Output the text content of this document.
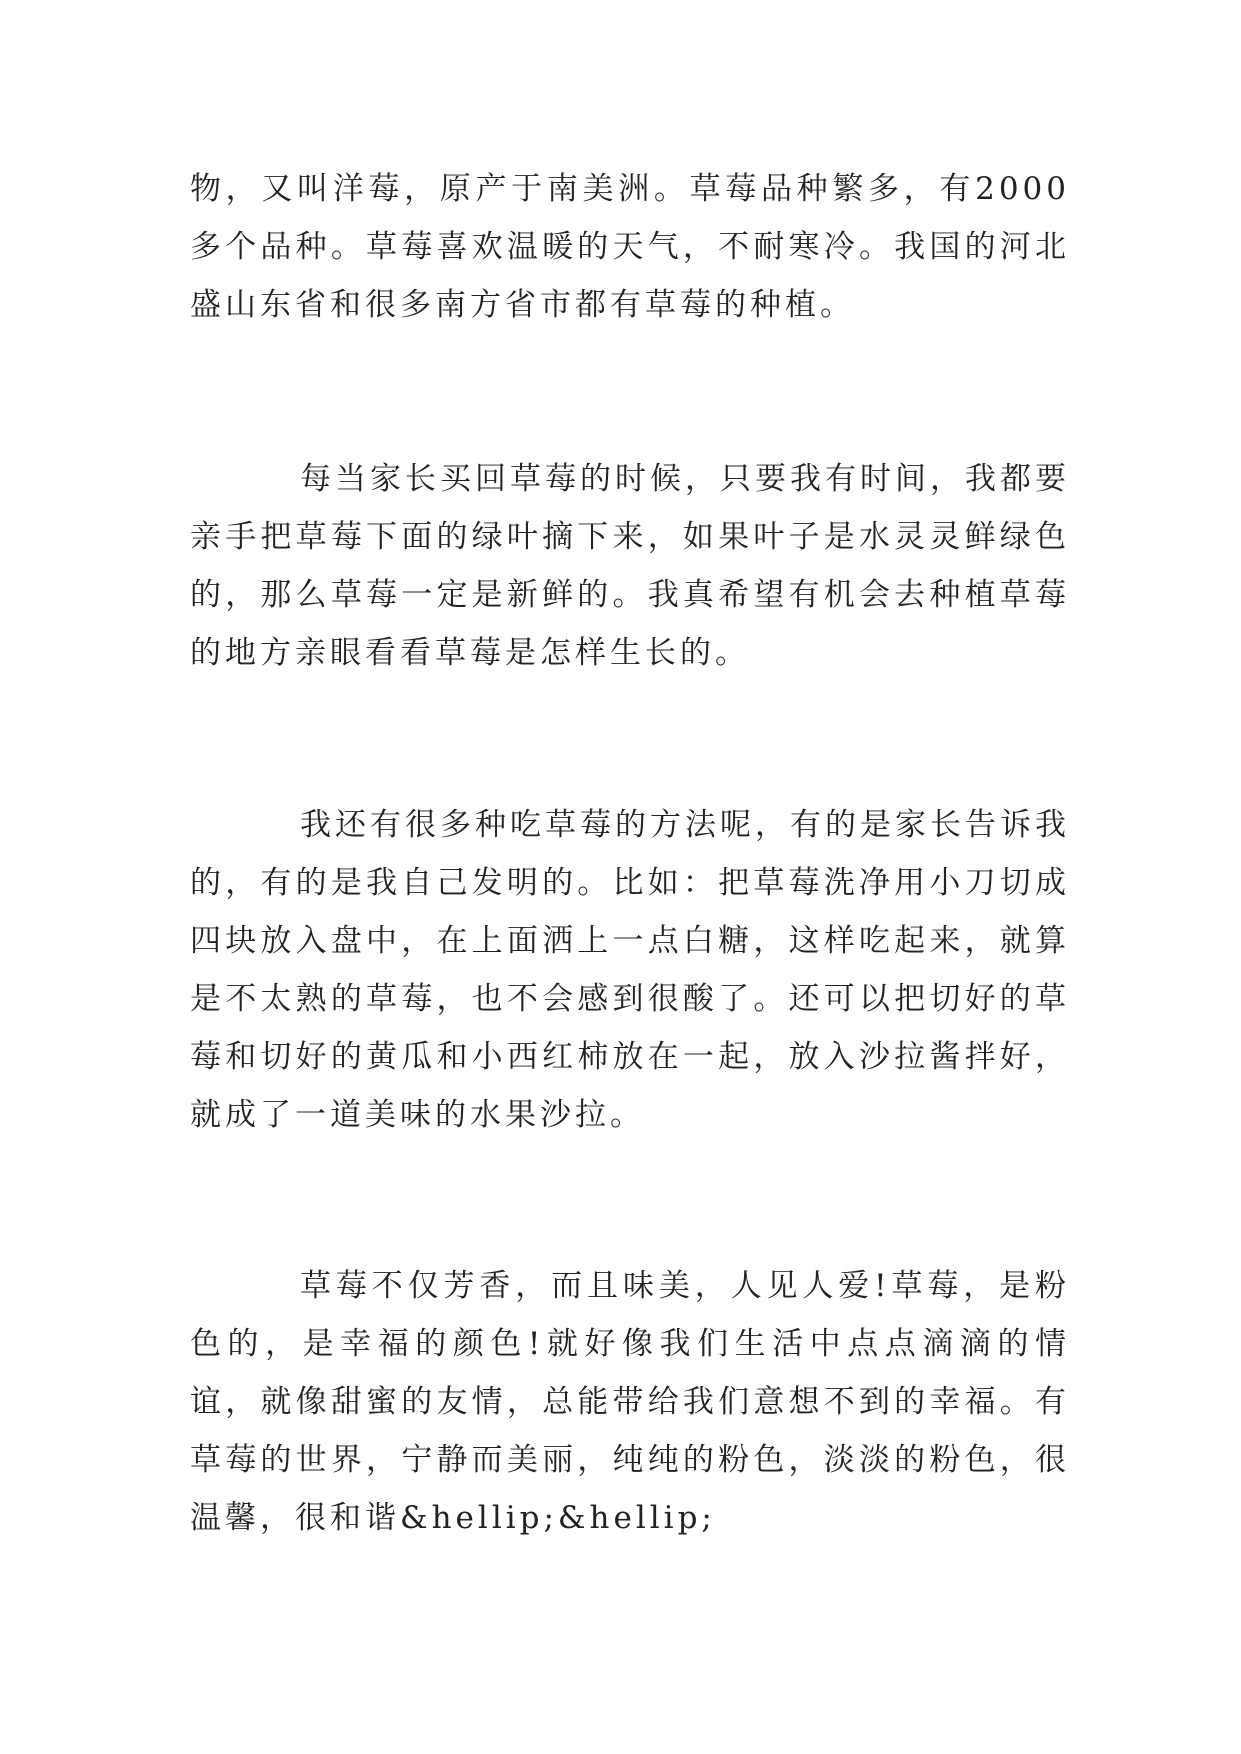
物，又叫洋莓，原产于南美洲。草莓品种繁多，有2000多个品种。草莓喜欢温暖的天气，不耐寒冷。我国的河北盛山东省和很多南方省市都有草莓的种植。

每当家长买回草莓的时候，只要我有时间，我都要亲手把草莓下面的绿叶摘下来，如果叶子是水灵灵鲜绿色的，那么草莓一定是新鲜的。我真希望有机会去种植草莓的地方亲眼看看草莓是怎样生长的。

我还有很多种吃草莓的方法呢，有的是家长告诉我的，有的是我自己发明的。比如：把草莓洗净用小刀切成四块放入盘中，在上面洒上一点白糖，这样吃起来，就算是不太熟的草莓，也不会感到很酸了。还可以把切好的草莓和切好的黄瓜和小西红柿放在一起，放入沙拉酱拌好，就成了一道美味的水果沙拉。

草莓不仅芳香，而且味美，人见人爱!草莓，是粉色的，是幸福的颜色!就好像我们生活中点点滴滴的情谊，就像甜蜜的友情，总能带给我们意想不到的幸福。有草莓的世界，宁静而美丽，纯纯的粉色，淡淡的粉色，很温馨，很和谐&hellip;&hellip;
